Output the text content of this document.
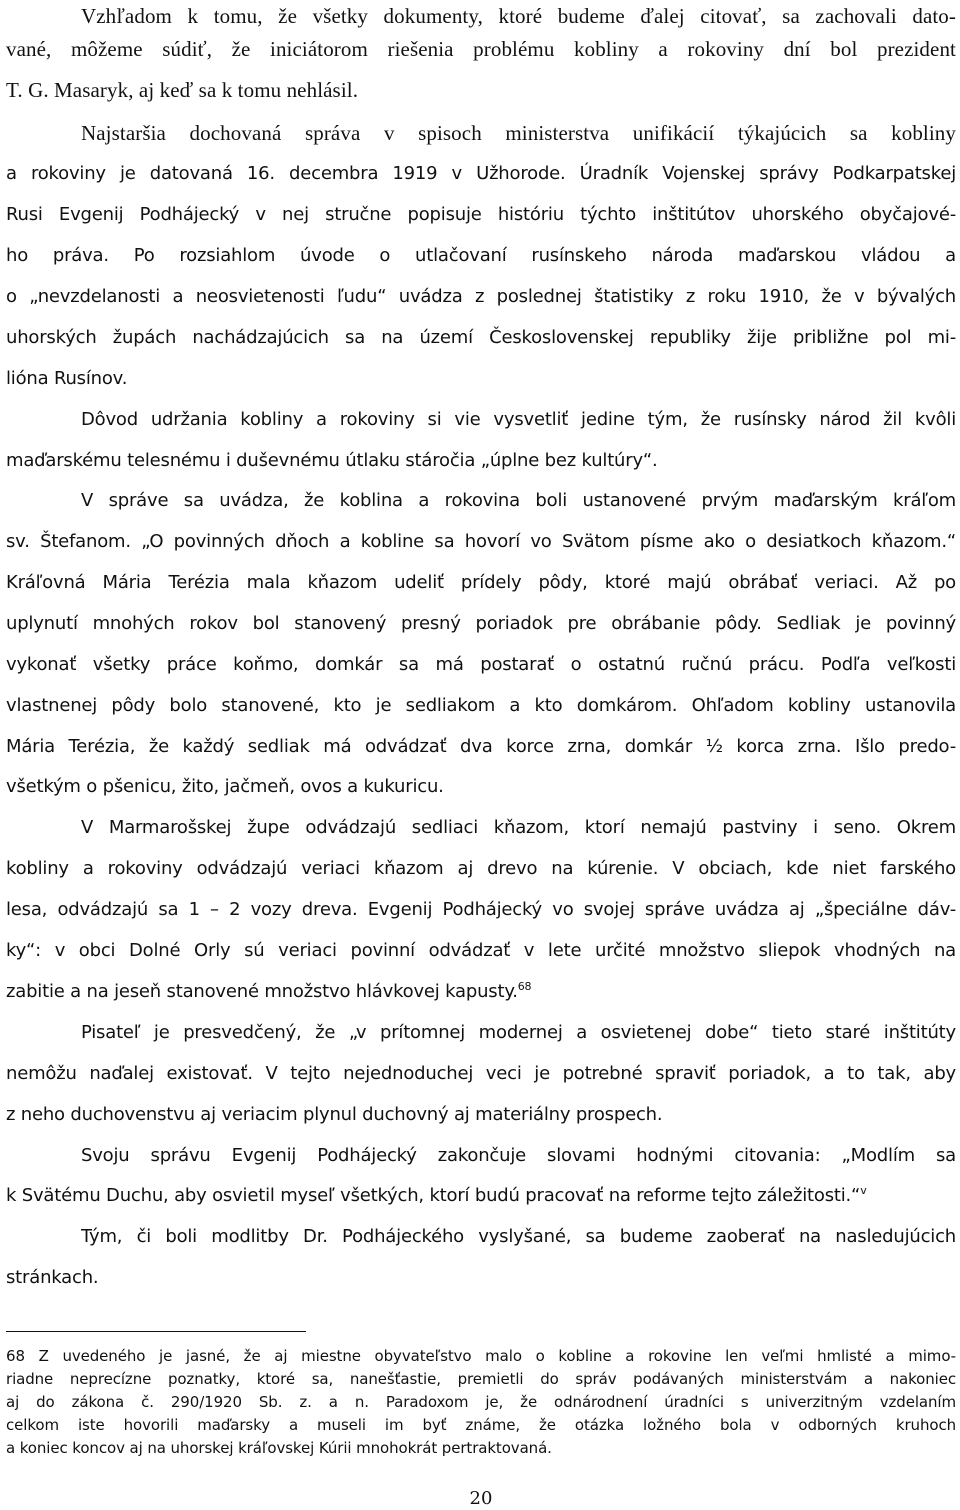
Vzhľadom k tomu, že všetky dokumenty, ktoré budeme ďalej citovať, sa zachovali dato-
vané, môžeme súdiť, že iniciátorom riešenia problému kobliny a rokoviny dní bol prezident
T. G. Masaryk, aj keď sa k tomu nehlásil.
Najstaršia dochovaná správa v spisoch ministerstva unifikácií týkajúcich sa kobliny
a rokoviny je datovaná 16. decembra 1919 v Užhorode. Úradník Vojenskej správy Podkarpatskej
Rusi Evgenij Podhájecký v nej stručne popisuje históriu týchto inštitútov uhorského obyčajové-
ho práva. Po rozsiahlom úvode o utlačovaní rusínskeho národa maďarskou vládou a
o „nevzdelanosti a neosvietenosti ľudu“ uvádza z poslednej štatistiky z roku 1910, že v bývalých
uhorských župách nachádzajúcich sa na území Československej republiky žije približne pol mi-
lióna Rusínov.
Dôvod udržania kobliny a rokoviny si vie vysvetliť jedine tým, že rusínsky národ žil kvôli
maďarskému telesnému i duševnému útlaku stáročia „úplne bez kultúry“.
V správe sa uvádza, že koblina a rokovina boli ustanovené prvým maďarským kráľom
sv. Štefanom. „O povinných dňoch a kobline sa hovorí vo Svätom písme ako o desiatkoch kňazom.“
Kráľovná Mária Terézia mala kňazom udeliť prídely pôdy, ktoré majú obrábať veriaci. Až po
uplynutí mnohých rokov bol stanovený presný poriadok pre obrábanie pôdy. Sedliak je povinný
vykonať všetky práce koňmo, domkár sa má postarať o ostatnú ručnú prácu. Podľa veľkosti
vlastnenej pôdy bolo stanovené, kto je sedliakom a kto domkárom. Ohľadom kobliny ustanovila
Mária Terézia, že každý sedliak má odvádzať dva korce zrna, domkár ½ korca zrna. Išlo predo-
všetkým o pšenicu, žito, jačmeň, ovos a kukuricu.
V Marmarošskej župe odvádzajú sedliaci kňazom, ktorí nemajú pastviny i seno. Okrem
kobliny a rokoviny odvádzajú veriaci kňazom aj drevo na kúrenie. V obciach, kde niet farského
lesa, odvádzajú sa 1 – 2 vozy dreva. Evgenij Podhájecký vo svojej správe uvádza aj „špeciálne dáv-
ky“: v obci Dolné Orly sú veriaci povinní odvádzať v lete určité množstvo sliepok vhodných na
zabitie a na jeseň stanovené množstvo hlávkovej kapusty.$^{68}$
Pisateľ je presvedčený, že „v prítomnej modernej a osvietenej dobe“ tieto staré inštitúty
nemôžu naďalej existovať. V tejto nejednoduchej veci je potrebné spraviť poriadok, a to tak, aby
z neho duchovenstvu aj veriacim plynul duchovný aj materiálny prospech.
Svoju správu Evgenij Podhájecký zakončuje slovami hodnými citovania: „Modlím sa
k Svätému Duchu, aby osvietil myseľ všetkých, ktorí budú pracovať na reforme tejto záležitosti.“$^v$
Tým, či boli modlitby Dr. Podhájeckého vyslyšané, sa budeme zaoberať na nasledujúcich
stránkach.
68 Z uvedeného je jasné, že aj miestne obyvateľstvo malo o kobline a rokovine len veľmi hmlisté a mimo-
riadne neprecízne poznatky, ktoré sa, nanešťastie, premietli do správ podávaných ministerstvám a nakoniec
aj do zákona č. 290/1920 Sb. z. a n. Paradoxom je, že odnárodnení úradníci s univerzitným vzdelaním
celkom iste hovorili maďarsky a museli im byť známe, že otázka ložného bola v odborných kruhoch
a koniec koncov aj na uhorskej kráľovskej Kúrii mnohokrát pertraktovaná.
20
